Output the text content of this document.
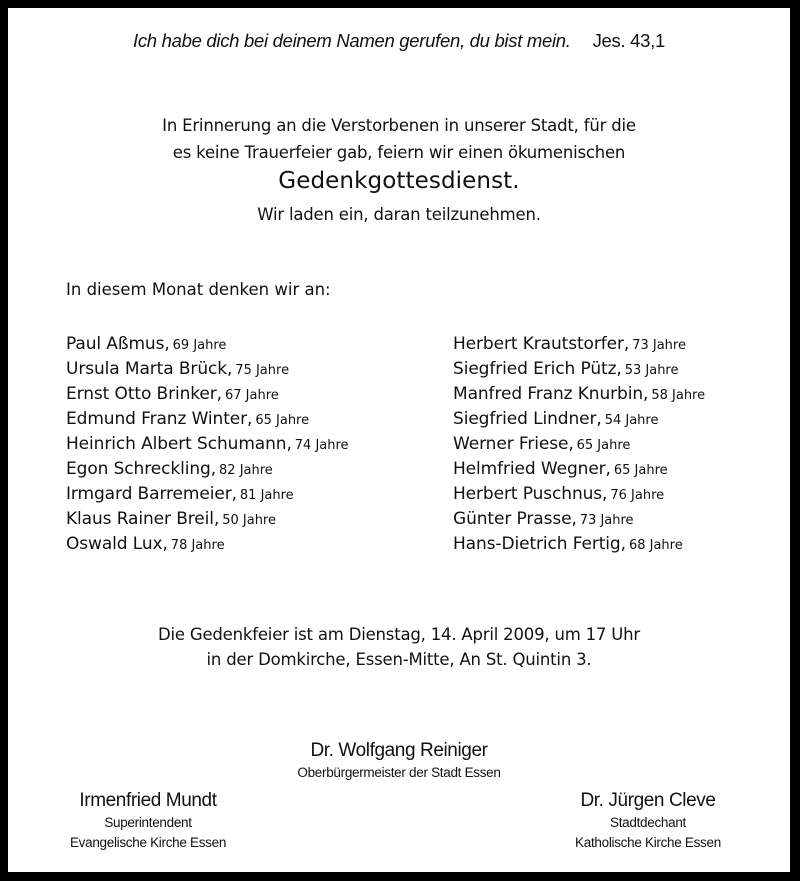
Ich habe dich bei deinem Namen gerufen, du bist mein. Jes. 43,1
In Erinnerung an die Verstorbenen in unserer Stadt, für die
es keine Trauerfeier gab, feiern wir einen ökumenischen
Gedenkgottesdienst.
Wir laden ein, daran teilzunehmen.
In diesem Monat denken wir an:
Paul Aßmus, 69 Jahre
Ursula Marta Brück, 75 Jahre
Ernst Otto Brinker, 67 Jahre
Edmund Franz Winter, 65 Jahre
Heinrich Albert Schumann, 74 Jahre
Egon Schreckling, 82 Jahre
Irmgard Barremeier, 81 Jahre
Klaus Rainer Breil, 50 Jahre
Oswald Lux, 78 Jahre
Herbert Krautstorfer, 73 Jahre
Siegfried Erich Pütz, 53 Jahre
Manfred Franz Knurbin, 58 Jahre
Siegfried Lindner, 54 Jahre
Werner Friese, 65 Jahre
Helmfried Wegner, 65 Jahre
Herbert Puschnus, 76 Jahre
Günter Prasse, 73 Jahre
Hans-Dietrich Fertig, 68 Jahre
Die Gedenkfeier ist am Dienstag, 14. April 2009, um 17 Uhr
in der Domkirche, Essen-Mitte, An St. Quintin 3.
Dr. Wolfgang Reiniger
Oberbürgermeister der Stadt Essen
Irmenfried Mundt
Superintendent
Evangelische Kirche Essen
Dr. Jürgen Cleve
Stadtdechant
Katholische Kirche Essen
